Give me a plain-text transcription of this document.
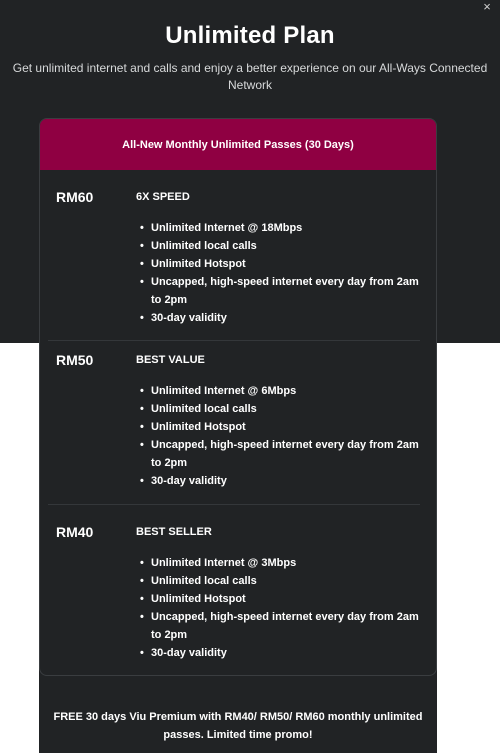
×
Unlimited Plan
Get unlimited internet and calls and enjoy a better experience on our All-Ways Connected Network
All-New Monthly Unlimited Passes (30 Days)
RM60	6X SPEED
• Unlimited Internet @ 18Mbps
• Unlimited local calls
• Unlimited Hotspot
• Uncapped, high-speed internet every day from 2am to 2pm
• 30-day validity
RM50	BEST VALUE
• Unlimited Internet @ 6Mbps
• Unlimited local calls
• Unlimited Hotspot
• Uncapped, high-speed internet every day from 2am to 2pm
• 30-day validity
RM40	BEST SELLER
• Unlimited Internet @ 3Mbps
• Unlimited local calls
• Unlimited Hotspot
• Uncapped, high-speed internet every day from 2am to 2pm
• 30-day validity
FREE 30 days Viu Premium with RM40/ RM50/ RM60 monthly unlimited passes. Limited time promo!
